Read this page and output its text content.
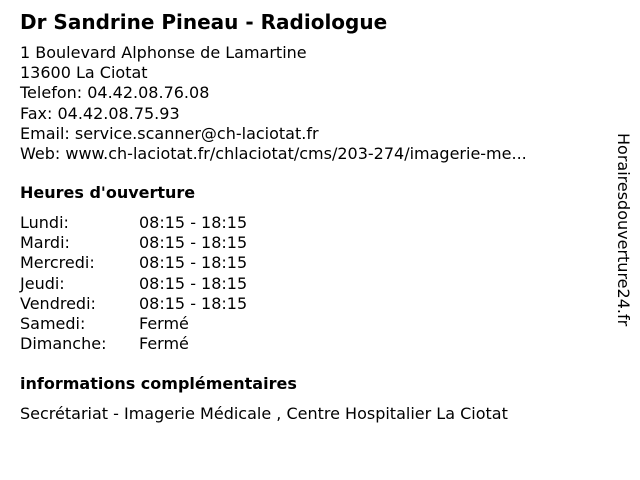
Dr Sandrine Pineau - Radiologue
1 Boulevard Alphonse de Lamartine
13600 La Ciotat
Telefon: 04.42.08.76.08
Fax: 04.42.08.75.93
Email: service.scanner@ch-laciotat.fr
Web: www.ch-laciotat.fr/chlaciotat/cms/203-274/imagerie-me...
Heures d'ouverture
Lundi:	08:15 - 18:15
Mardi:	08:15 - 18:15
Mercredi:	08:15 - 18:15
Jeudi:	08:15 - 18:15
Vendredi:	08:15 - 18:15
Samedi:	Fermé
Dimanche: Fermé
informations complémentaires
Secrétariat - Imagerie Médicale , Centre Hospitalier La Ciotat
Horairesdouverture24.fr
